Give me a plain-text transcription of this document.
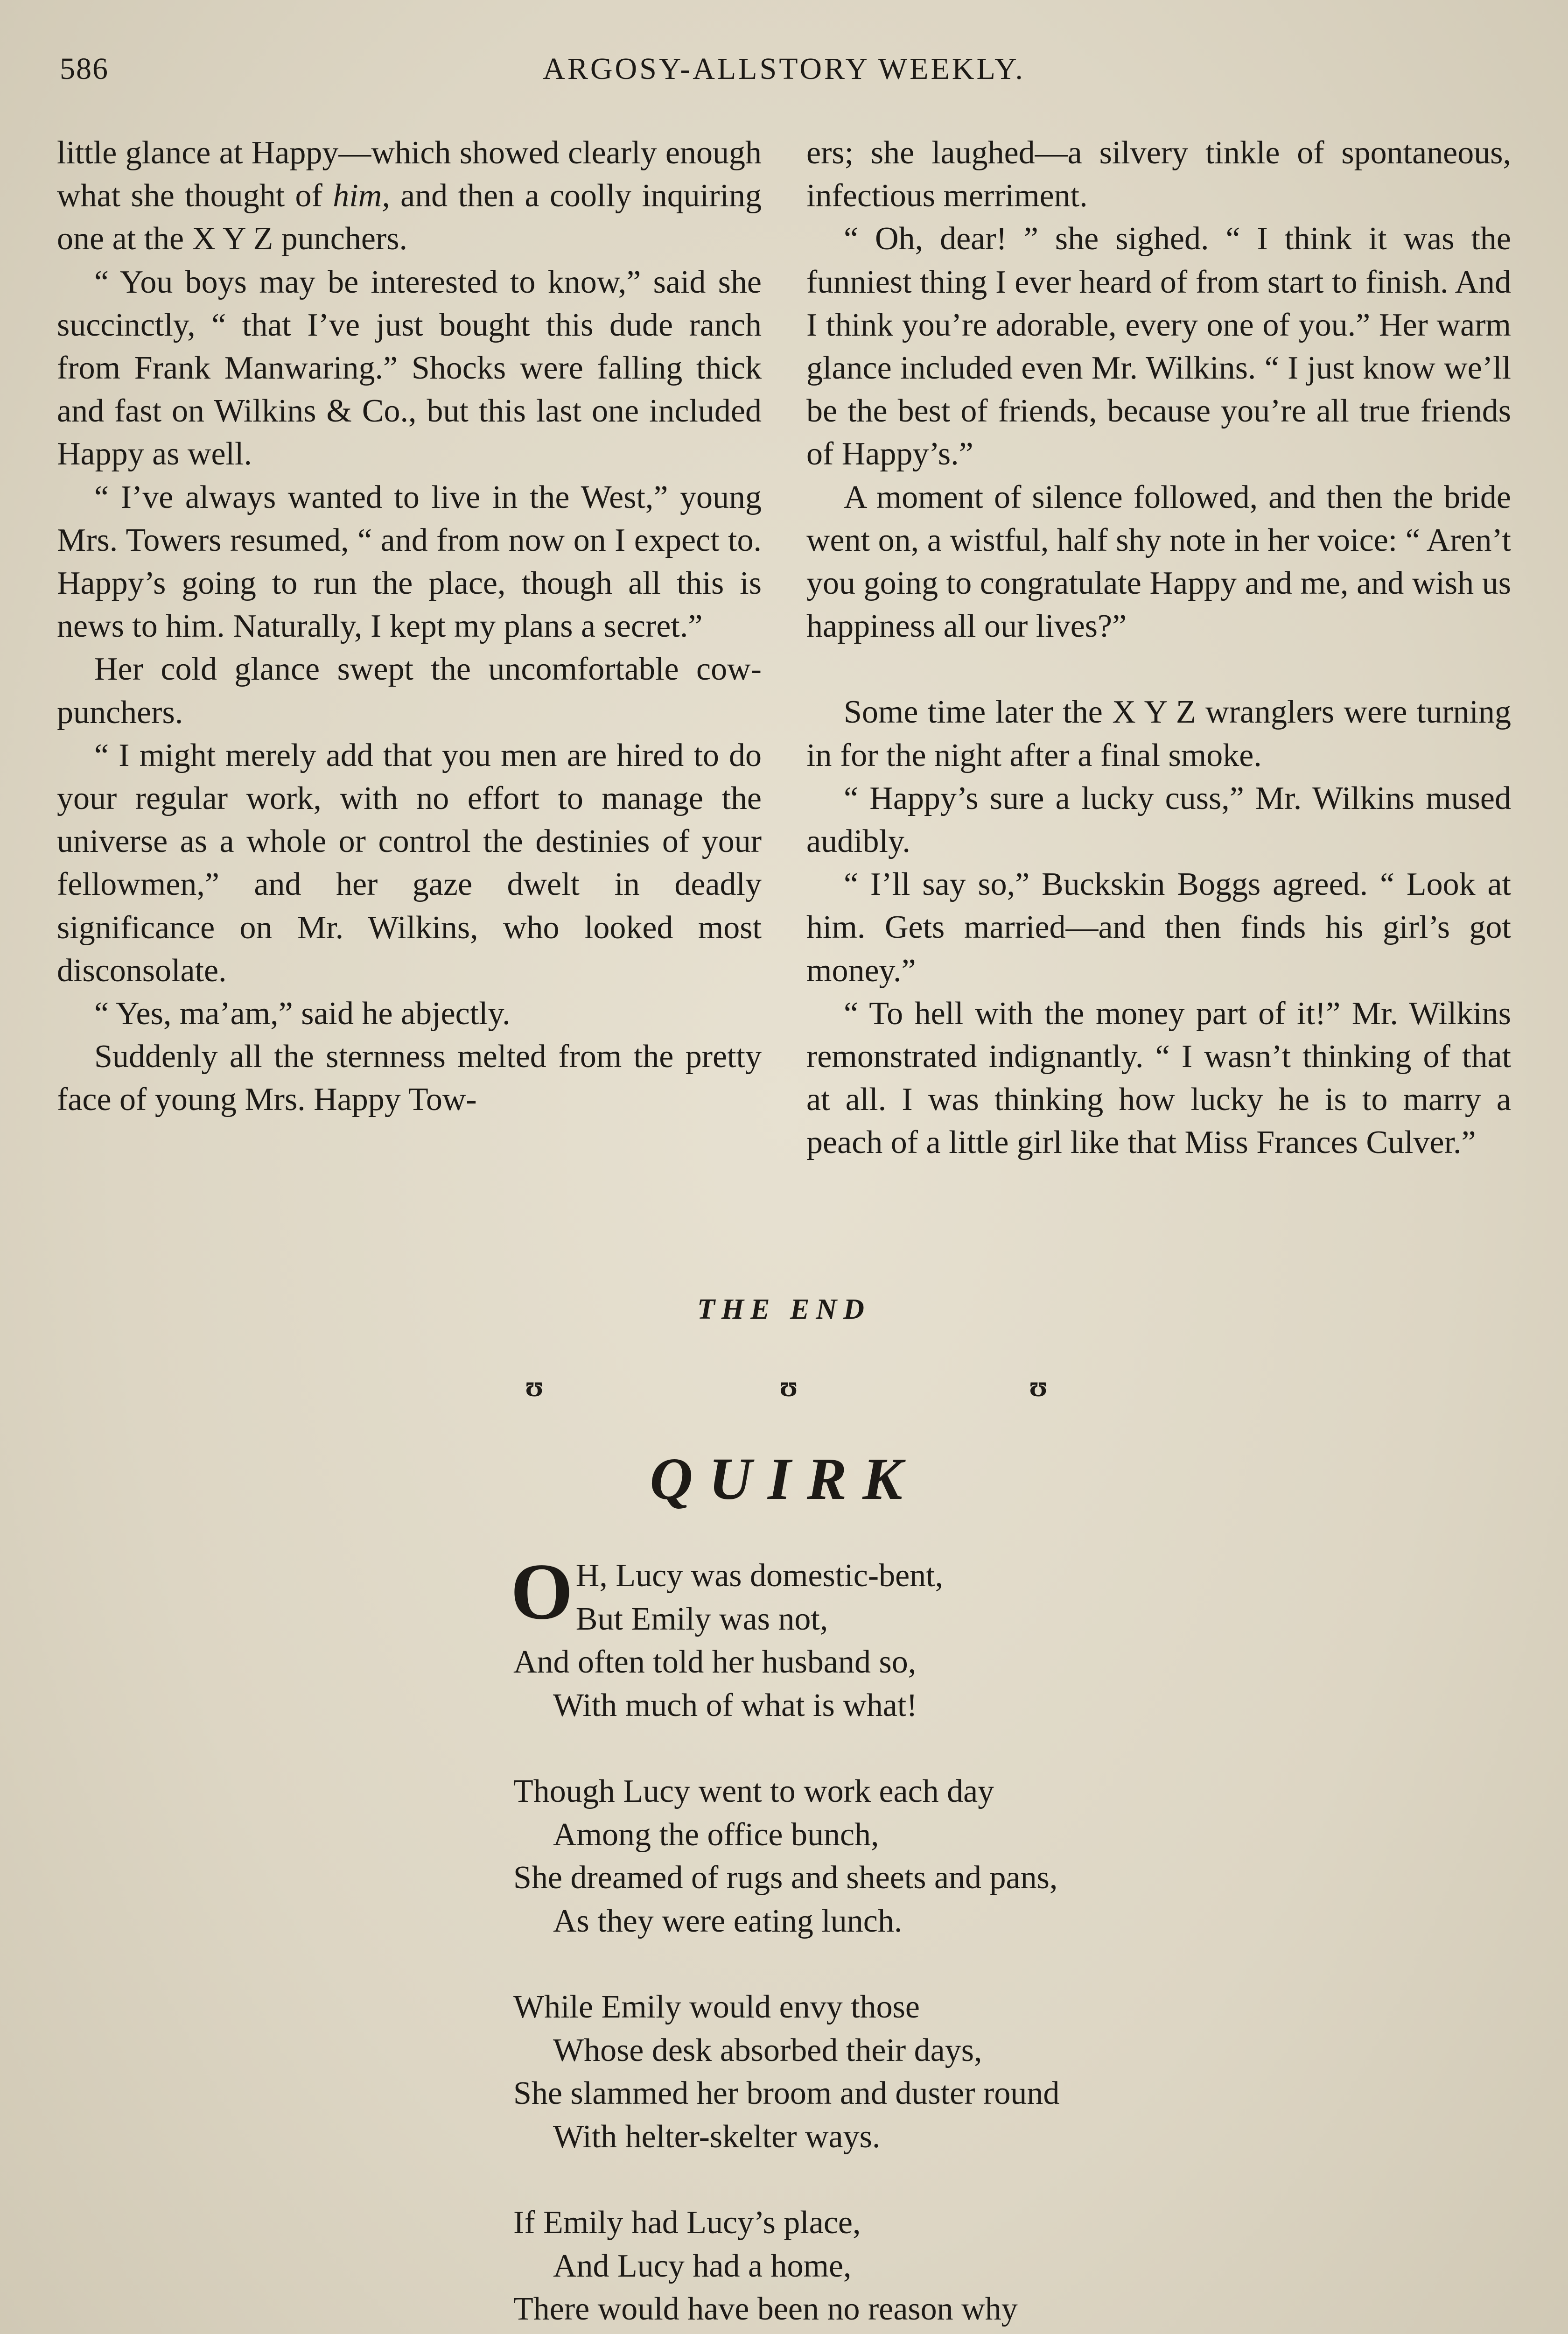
586	ARGOSY-ALLSTORY WEEKLY.

little glance at Happy—which showed clearly enough what she thought of him, and then a coolly inquiring one at the X Y Z punchers.

“ You boys may be interested to know,” said she succinctly, “ that I’ve just bought this dude ranch from Frank Manwaring.” Shocks were falling thick and fast on Wilkins & Co., but this last one included Happy as well.

“ I’ve always wanted to live in the West,” young Mrs. Towers resumed, “ and from now on I expect to. Happy’s going to run the place, though all this is news to him. Naturally, I kept my plans a secret.”

Her cold glance swept the uncomfortable cow-punchers.

“ I might merely add that you men are hired to do your regular work, with no effort to manage the universe as a whole or control the destinies of your fellowmen,” and her gaze dwelt in deadly significance on Mr. Wilkins, who looked most disconsolate.

“ Yes, ma’am,” said he abjectly.

Suddenly all the sternness melted from the pretty face of young Mrs. Happy Tow-

ers; she laughed—a silvery tinkle of spontaneous, infectious merriment.

“ Oh, dear! ” she sighed. “ I think it was the funniest thing I ever heard of from start to finish. And I think you’re adorable, every one of you.” Her warm glance included even Mr. Wilkins. “ I just know we’ll be the best of friends, because you’re all true friends of Happy’s.”

A moment of silence followed, and then the bride went on, a wistful, half shy note in her voice: “ Aren’t you going to congratulate Happy and me, and wish us happiness all our lives?”

Some time later the X Y Z wranglers were turning in for the night after a final smoke.

“ Happy’s sure a lucky cuss,” Mr. Wilkins mused audibly.

“ I’ll say so,” Buckskin Boggs agreed. “ Look at him. Gets married—and then finds his girl’s got money.”

“ To hell with the money part of it!” Mr. Wilkins remonstrated indignantly. “ I wasn’t thinking of that at all. I was thinking how lucky he is to marry a peach of a little girl like that Miss Frances Culver.”

THE END
ʊ	ʊ	ʊ
QUIRK
O H, Lucy was domestic-bent,
But Emily was not,
And often told her husband so,
With much of what is what!
Though Lucy went to work each day
Among the office bunch,
She dreamed of rugs and sheets and pans,
As they were eating lunch.
While Emily would envy those
Whose desk absorbed their days,
She slammed her broom and duster round
With helter-skelter ways.
If Emily had Lucy’s place,
And Lucy had a home,
There would have been no reason why
